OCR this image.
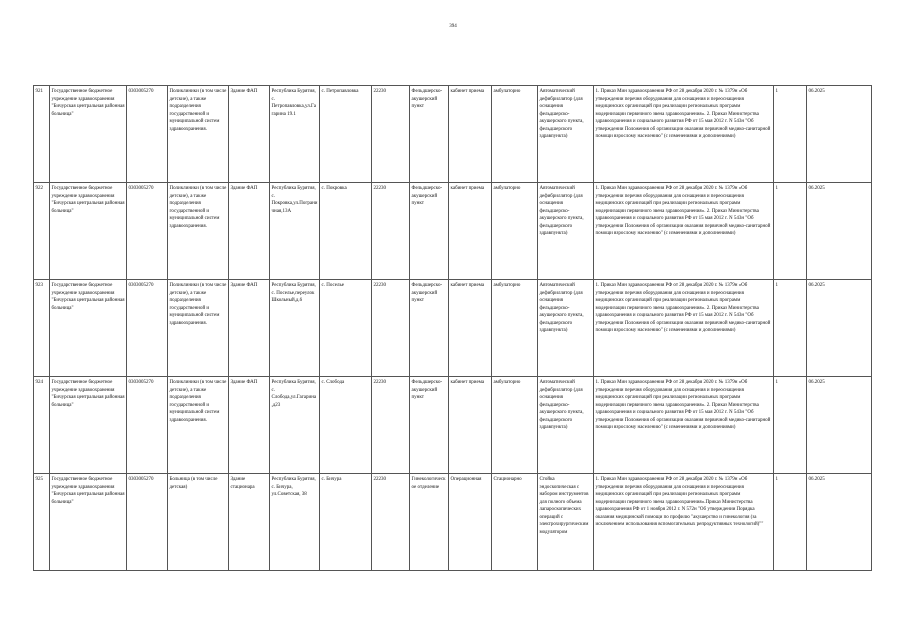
394
921	Государственное бюджетное учреждение здравоохранения "Бичурская центральная районная больница"	0303005270	Поликлиники (в том числе детские), а также подразделения государственной и муниципальной систем здравоохранения.	Здание ФАП	Республика Бурятия, с. Петропавловка,ул.Гагарина 19.1	с. Петропавловка	22230	Фельдшерско-акушерский пункт	кабинет приема	амбулаторно	Автоматический дефибриллятор (для оснащения фельдшерско-акушерского пункта, фельдшерского здравпункта)	1. Приказ Мин здравоохранения РФ от 28 декабря 2020 г. № 1379н «Об утверждении перечня оборудования для оснащения и переоснащения медицинских организаций при реализации региональных программ модернизации первичного звена здравоохранения». 2. Приказ Министерства здравоохранения и социального развития РФ от 15 мая 2012 г. N 543н "Об утверждении Положения об организации оказания первичной медико-санитарной помощи взрослому населению" (с изменениями и дополнениями)	1	06.2025
922	Государственное бюджетное учреждение здравоохранения "Бичурская центральная районная больница"	0303005270	Поликлиники (в том числе детские), а также подразделения государственной и муниципальной систем здравоохранения.	Здание ФАП	Республика Бурятия, с. Покровка,ул.Пограничная,13А	с. Покровка	22230	Фельдшерско-акушерский пункт	кабинет приема	амбулаторно	Автоматический дефибриллятор (для оснащения фельдшерско-акушерского пункта, фельдшерского здравпункта)	1. Приказ Мин здравоохранения РФ от 28 декабря 2020 г. № 1379н «Об утверждении перечня оборудования для оснащения и переоснащения медицинских организаций при реализации региональных программ модернизации первичного звена здравоохранения». 2. Приказ Министерства здравоохранения и социального развития РФ от 15 мая 2012 г. N 543н "Об утверждении Положения об организации оказания первичной медико-санитарной помощи взрослому населению" (с изменениями и дополнениями)	1	06.2025
923	Государственное бюджетное учреждение здравоохранения "Бичурская центральная районная больница"	0303005270	Поликлиники (в том числе детские), а также подразделения государственной и муниципальной систем здравоохранения.	Здание ФАП	Республика Бурятия, с. Поселье,переулок Школьный,д.6	с. Поселье	22230	Фельдшерско-акушерский пункт	кабинет приема	амбулаторно	Автоматический дефибриллятор (для оснащения фельдшерско-акушерского пункта, фельдшерского здравпункта)	1. Приказ Мин здравоохранения РФ от 28 декабря 2020 г. № 1379н «Об утверждении перечня оборудования для оснащения и переоснащения медицинских организаций при реализации региональных программ модернизации первичного звена здравоохранения». 2. Приказ Министерства здравоохранения и социального развития РФ от 15 мая 2012 г. N 543н "Об утверждении Положения об организации оказания первичной медико-санитарной помощи взрослому населению" (с изменениями и дополнениями)	1	06.2025
924	Государственное бюджетное учреждение здравоохранения "Бичурская центральная районная больница"	0303005270	Поликлиники (в том числе детские), а также подразделения государственной и муниципальной систем здравоохранения.	Здание ФАП	Республика Бурятия, с. Слобода,ул.Гагарина ,д23	с. Слобода	22230	Фельдшерско-акушерский пункт	кабинет приема	амбулаторно	Автоматический дефибриллятор (для оснащения фельдшерско-акушерского пункта, фельдшерского здравпункта)	1. Приказ Мин здравоохранения РФ от 28 декабря 2020 г. № 1379н «Об утверждении перечня оборудования для оснащения и переоснащения медицинских организаций при реализации региональных программ модернизации первичного звена здравоохранения». 2. Приказ Министерства здравоохранения и социального развития РФ от 15 мая 2012 г. N 543н "Об утверждении Положения об организации оказания первичной медико-санитарной помощи взрослому населению" (с изменениями и дополнениями)	1	06.2025
925	Государственное бюджетное учреждение здравоохранения "Бичурская центральная районная больница"	0303005270	Больница (в том числе детская)	Здание стационара	Республика Бурятия, с. Бичура, ул.Советская, 38	с. Бичура	22230	Гинекологическое отделение	Операционная	Стационарно	Стойка эндоскопическая с набором инструментов для полного объема лапароскопических операций с электрохирургическим модулятором	1. Приказ Мин здравоохранения РФ от 28 декабря 2020 г. № 1379н «Об утверждении перечня оборудования для оснащения и переоснащения медицинских организаций при реализации региональных программ модернизации первичного звена здравоохранения».Приказ Министерства здравоохранения РФ от 1 ноября 2012 г. N 572н "Об утверждении Порядка оказания медицинской помощи по профилю "акушерство и гинекология (за исключением использования вспомогательных репродуктивных технологий)""	1	06.2025
